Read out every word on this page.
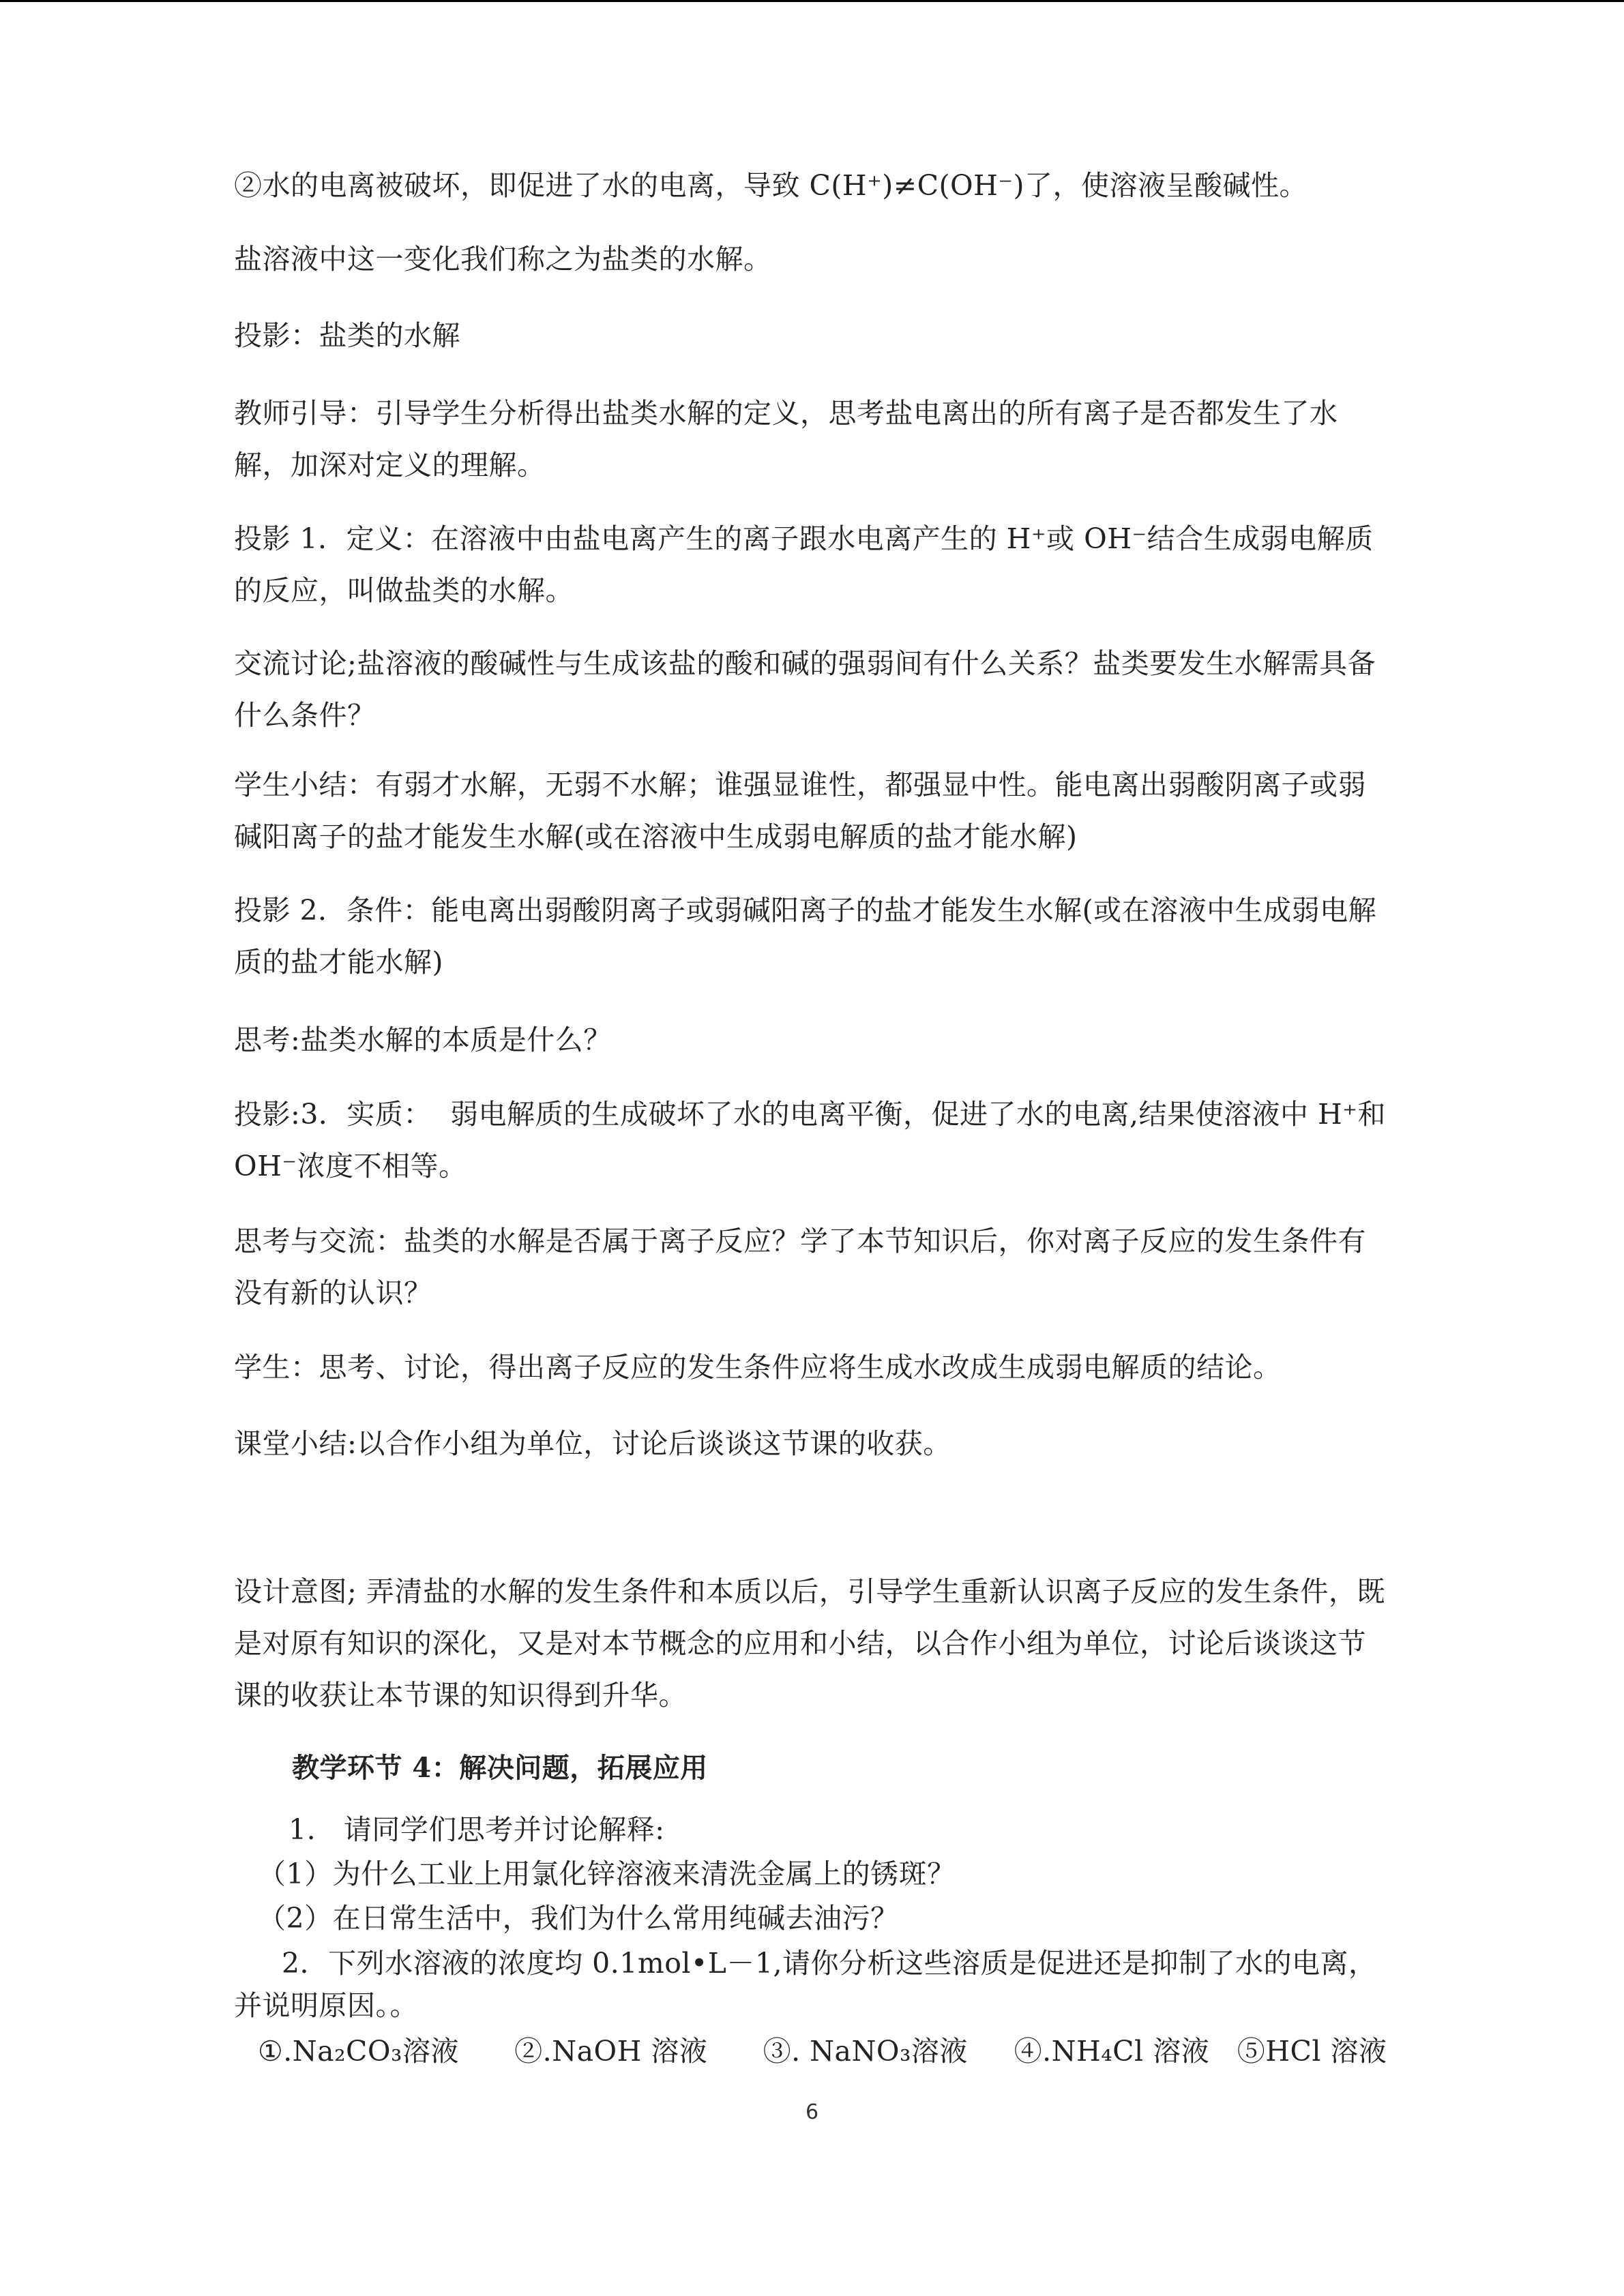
②水的电离被破坏，即促进了水的电离，导致 C(H⁺)≠C(OH⁻)了，使溶液呈酸碱性。
盐溶液中这一变化我们称之为盐类的水解。
投影：盐类的水解
教师引导：引导学生分析得出盐类水解的定义，思考盐电离出的所有离子是否都发生了水解，加深对定义的理解。
投影 1．定义：在溶液中由盐电离产生的离子跟水电离产生的 H⁺或 OH⁻结合生成弱电解质的反应，叫做盐类的水解。
交流讨论;盐溶液的酸碱性与生成该盐的酸和碱的强弱间有什么关系？盐类要发生水解需具备什么条件？
学生小结：有弱才水解，无弱不水解；谁强显谁性，都强显中性。能电离出弱酸阴离子或弱碱阳离子的盐才能发生水解(或在溶液中生成弱电解质的盐才能水解)
投影 2．条件：能电离出弱酸阴离子或弱碱阳离子的盐才能发生水解(或在溶液中生成弱电解质的盐才能水解)
思考:盐类水解的本质是什么？
投影:3．实质：  弱电解质的生成破坏了水的电离平衡，促进了水的电离,结果使溶液中 H⁺和 OH⁻浓度不相等。
思考与交流：盐类的水解是否属于离子反应？学了本节知识后，你对离子反应的发生条件有没有新的认识？
学生：思考、讨论，得出离子反应的发生条件应将生成水改成生成弱电解质的结论。
课堂小结:以合作小组为单位，讨论后谈谈这节课的收获。
设计意图; 弄清盐的水解的发生条件和本质以后，引导学生重新认识离子反应的发生条件，既是对原有知识的深化，又是对本节概念的应用和小结，以合作小组为单位，讨论后谈谈这节课的收获让本节课的知识得到升华。
教学环节 4：解决问题，拓展应用
1.   请同学们思考并讨论解释:
（1）为什么工业上用氯化锌溶液来清洗金属上的锈斑？
（2）在日常生活中，我们为什么常用纯碱去油污？
2．下列水溶液的浓度均 0.1mol•L－1,请你分析这些溶质是促进还是抑制了水的电离，并说明原因。。
①.Na₂CO₃溶液      ②.NaOH 溶液      ③. NaNO₃溶液     ④.NH₄Cl 溶液   ⑤HCl 溶液
6
